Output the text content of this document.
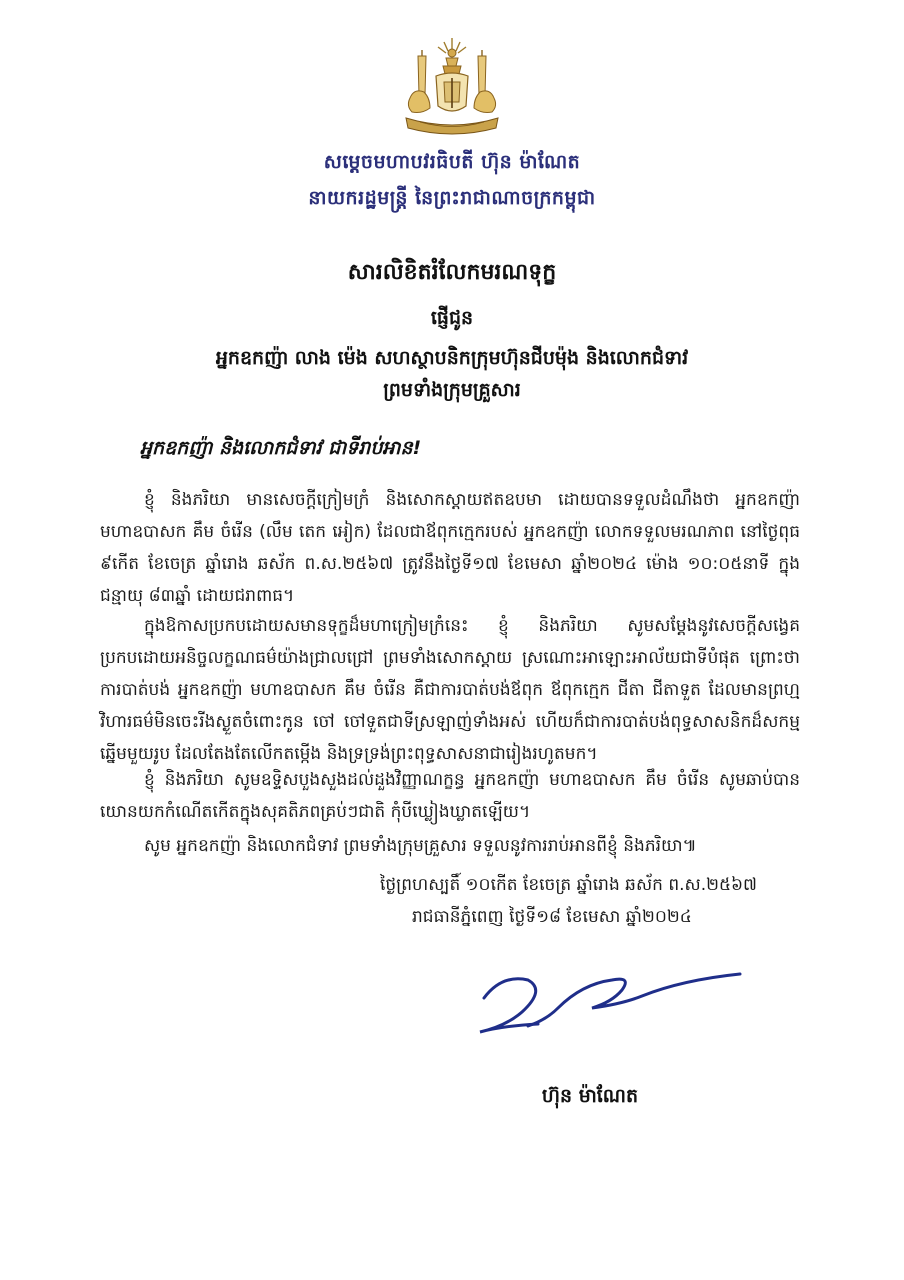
សម្តេចមហាបវរធិបតី ហ៊ុន ម៉ាណែត
នាយករដ្ឋមន្ត្រី នៃព្រះរាជាណាចក្រកម្ពុជា
សារលិខិតរំលែកមរណទុក្ខ
ផ្ញើជូន
អ្នកឧកញ៉ា លាង ម៉េង សហស្ថាបនិកក្រុមហ៊ុនជីបម៉ុង និងលោកជំទាវ
ព្រមទាំងក្រុមគ្រួសារ
អ្នកឧកញ៉ា និងលោកជំទាវ ជាទីរាប់អាន!
ខ្ញុំ និងភរិយា មានសេចក្តីក្រៀមក្រំ និងសោកស្តាយឥតឧបមា ដោយបានទទួលដំណឹងថា អ្នកឧកញ៉ា មហាឧបាសក គឹម ចំរើន (លឹម តេក អៀក) ដែលជាឪពុកក្មេករបស់ អ្នកឧកញ៉ា លោកទទួលមរណភាព នៅថ្ងៃពុធ ៩កើត ខែចេត្រ ឆ្នាំរោង ឆស័ក ព.ស.២៥៦៧ ត្រូវនឹងថ្ងៃទី១៧ ខែមេសា ឆ្នាំ២០២៤ ម៉ោង ១០:០៥នាទី ក្នុងជន្មាយុ ៨៣ឆ្នាំ ដោយជរាពាធ។
ក្នុងឱកាសប្រកបដោយសមានទុក្ខដ៏មហាក្រៀមក្រំនេះ ខ្ញុំ និងភរិយា សូមសម្តែងនូវសេចក្តីសង្វេគប្រកបដោយអនិច្ចលក្ខណធម៌យ៉ាងជ្រាលជ្រៅ ព្រមទាំងសោកស្តាយ ស្រណោះអាឡោះអាល័យជាទីបំផុត ព្រោះថាការបាត់បង់ អ្នកឧកញ៉ា មហាឧបាសក គឹម ចំរើន គឺជាការបាត់បង់ឪពុក ឪពុកក្មេក ជីតា ជីតាទួត ដែលមានព្រហ្មវិហារធម៌មិនចេះរីងស្ងួតចំពោះកូន ចៅ ចៅទួតជាទីស្រឡាញ់ទាំងអស់ ហើយក៏ជាការបាត់បង់ពុទ្ធសាសនិកដ៏សកម្មឆ្នើមមួយរូប ដែលតែងតែលើកតម្កើង និងទ្រទ្រង់ព្រះពុទ្ធសាសនាជារៀងរហូតមក។
ខ្ញុំ និងភរិយា សូមឧទ្ទិសបួងសួងដល់ដួងវិញ្ញាណក្ខន្ធ អ្នកឧកញ៉ា មហាឧបាសក គឹម ចំរើន សូមឆាប់បានយោនយកកំណើតកើតក្នុងសុគតិភពគ្រប់ៗជាតិ កុំបីឃ្លៀងឃ្លាតឡើយ។
សូម អ្នកឧកញ៉ា និងលោកជំទាវ ព្រមទាំងក្រុមគ្រួសារ ទទួលនូវការរាប់អានពីខ្ញុំ និងភរិយា៕
ថ្ងៃព្រហស្បតិ៍ ១០កើត ខែចេត្រ ឆ្នាំរោង ឆស័ក ព.ស.២៥៦៧
រាជធានីភ្នំពេញ ថ្ងៃទី១៨ ខែមេសា ឆ្នាំ២០២៤
ហ៊ុន ម៉ាណែត
